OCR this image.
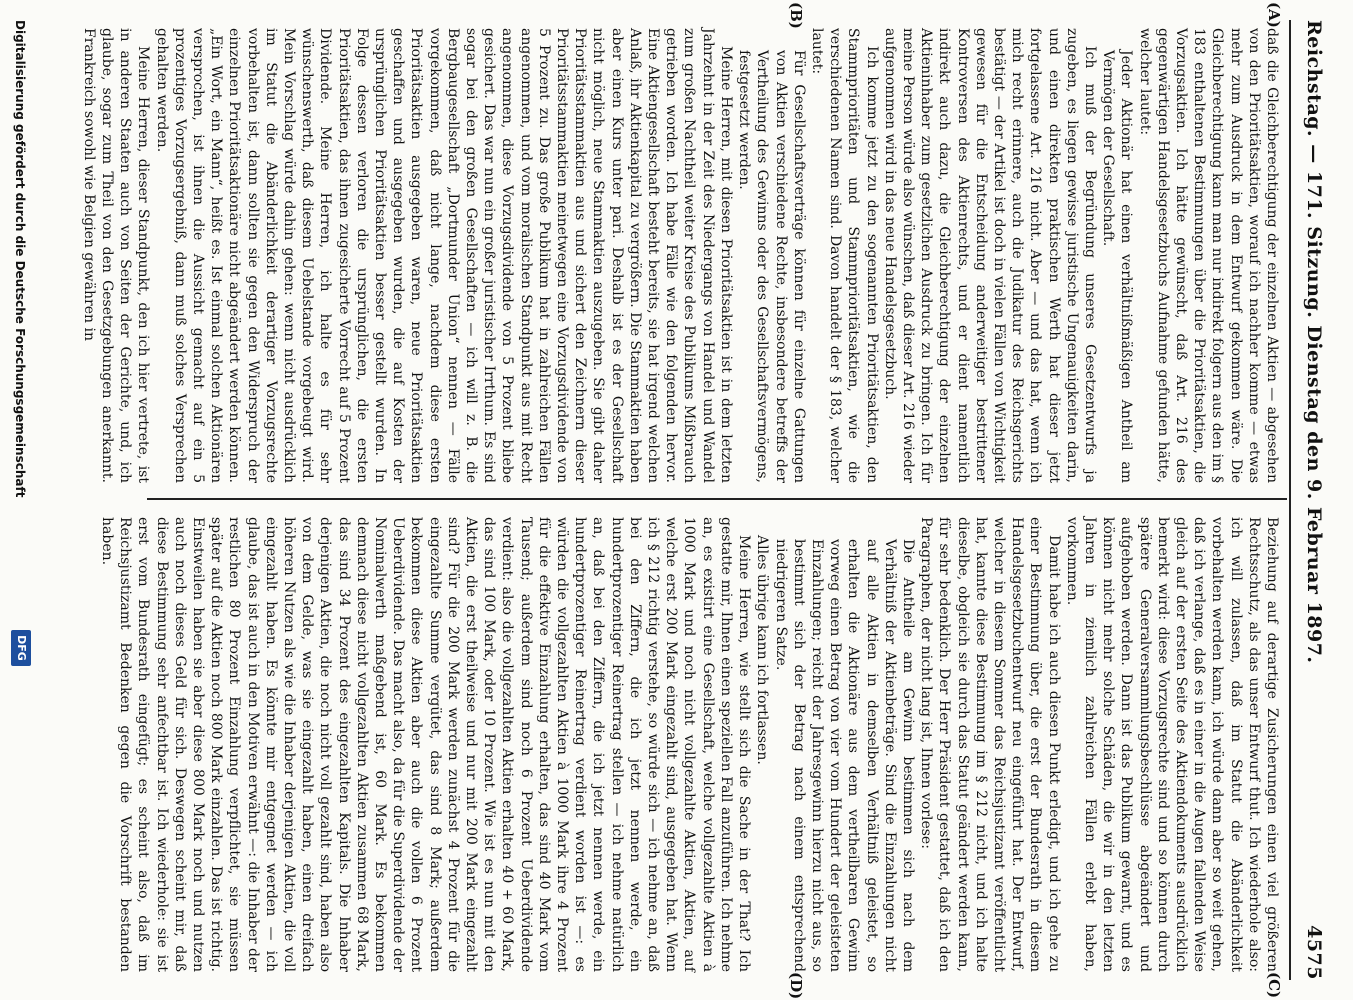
Reichstag. — 171. Sitzung. Dienstag den 9. Februar 1897.
4575
(A)
(B)
(C)
(D)

daß die Gleichberechtigung der einzelnen Aktien — abgesehen von den Prioritätsaktien, worauf ich nachher komme — etwas mehr zum Ausdruck in dem Entwurf gekommen wäre. Die Gleichberechtigung kann man nur indirekt folgern aus den im § 183 enthaltenen Bestimmungen über die Prioritätsaktien, die Vorzugsaktien. Ich hätte gewünscht, daß Art. 216 des gegenwärtigen Handelsgesetzbuchs Aufnahme gefunden hätte, welcher lautet:

Jeder Aktionär hat einen verhältnißmäßigen Antheil am Vermögen der Gesellschaft.

Ich muß der Begründung unseres Gesetzentwurfs ja zugeben, es liegen gewisse juristische Ungenauigkeiten darin, und einen direkten praktischen Werth hat dieser jetzt fortgelassene Art. 216 nicht. Aber — und das hat, wenn ich mich recht erinnere, auch die Judikatur des Reichsgerichts bestätigt — der Artikel ist doch in vielen Fällen von Wichtigkeit gewesen für die Entscheidung anderweitiger bestrittener Kontroversen des Aktienrechts, und er dient namentlich indirekt auch dazu, die Gleichberechtigung der einzelnen Aktieninhaber zum gesetzlichen Ausdruck zu bringen. Ich für meine Person würde also wünschen, daß dieser Art. 216 wieder aufgenommen wird in das neue Handelsgesetzbuch.

Ich komme jetzt zu den sogenannten Prioritätsaktien, den Stammprioritäten und Stammprioritätsaktien, wie die verschiedenen Namen sind. Davon handelt der § 183, welcher lautet:

Für Gesellschaftsverträge können für einzelne Gattungen von Aktien verschiedene Rechte, insbesondere betreffs der Vertheilung des Gewinns oder des Gesellschaftsvermögens, festgesetzt werden.

Meine Herren, mit diesen Prioritätsaktien ist in dem letzten Jahrzehnt in der Zeit des Niedergangs von Handel und Wandel zum großen Nachtheil weiter Kreise des Publikums Mißbrauch getrieben worden. Ich habe Fälle wie den folgenden hervor. Eine Aktiengesellschaft besteht bereits, sie hat irgend welchen Anlaß, ihr Aktienkapital zu vergrößern. Die Stammaktien haben aber einen Kurs unter pari. Deshalb ist es der Gesellschaft nicht möglich, neue Stammaktien auszugeben. Sie gibt daher Prioritätsstammaktien aus und sichert den Zeichnern dieser Prioritätsstammaktien meinetwegen eine Vorzugsdividende von 5 Prozent zu. Das große Publikum hat in zahlreichen Fällen angenommen, und vom moralischen Standpunkt aus mit Recht angenommen, diese Vorzugsdividende von 5 Prozent bliebe gesichert. Das war nun ein großer juristischer Irrthum. Es sind sogar bei den großen Gesellschaften — ich will z. B. die Bergbaugesellschaft „Dortmunder Union“ nennen — Fälle vorgekommen, daß nicht lange, nachdem diese ersten Prioritätsaktien ausgegeben waren, neue Prioritätsaktien geschaffen und ausgegeben wurden, die auf Kosten der ursprünglichen Prioritätsaktien besser gestellt wurden. In Folge dessen verloren die ursprünglichen, die ersten Prioritätsaktien, das ihnen zugesicherte Vorrecht auf 5 Prozent Dividende. Meine Herren, ich halte es für sehr wünschenswerth, daß diesem Uebelstande vorgebeugt wird. Mein Vorschlag würde dahin gehen: wenn nicht ausdrücklich im Statut die Abänderlichkeit derartiger Vorzugsrechte vorbehalten ist, dann sollten sie gegen den Widerspruch der einzelnen Prioritätsaktionäre nicht abgeändert werden können. „Ein Wort, ein Mann“, heißt es. Ist einmal solchen Aktionären versprochen, ist ihnen die Aussicht gemacht auf ein 5 prozentiges Vorzugsergebniß, dann muß solches Versprechen gehalten werden.

Meine Herren, dieser Standpunkt, den ich hier vertrete, ist in anderen Staaten auch von Seiten der Gerichte, und, ich glaube, sogar zum Theil von den Gesetzgebungen anerkannt. Frankreich sowohl wie Belgien gewähren in

Beziehung auf derartige Zusicherungen einen viel größeren Rechtsschutz, als das unser Entwurf thut. Ich wiederhole also: ich will zulassen, daß im Statut die Abänderlichkeit vorbehalten werden kann, ich würde dann aber so weit gehen, daß ich verlange, daß es in einer in die Augen fallenden Weise gleich auf der ersten Seite des Aktiendokuments ausdrücklich bemerkt wird: diese Vorzugsrechte sind und so können durch spätere Generalversammlungsbeschlüsse abgeändert und aufgehoben werden. Dann ist das Publikum gewarnt, und es können nicht mehr solche Schäden, die wir in den letzten Jahren in ziemlich zahlreichen Fällen erlebt haben, vorkommen.

Damit habe ich auch diesen Punkt erledigt, und ich gehe zu einer Bestimmung über, die erst der Bundesrath in diesem Handelsgesetzbuchentwurf neu eingeführt hat. Der Entwurf, welcher in diesem Sommer das Reichsjustizamt veröffentlicht hat, kannte diese Bestimmung im § 212 nicht, und ich halte dieselbe, obgleich sie durch das Statut geändert werden kann, für sehr bedenklich. Der Herr Präsident gestattet, daß ich den Paragraphen, der nicht lang ist, Ihnen vorlese:

Die Antheile am Gewinn bestimmen sich nach dem Verhältniß der Aktienbeträge. Sind die Einzahlungen nicht auf alle Aktien in demselben Verhältniß geleistet, so erhalten die Aktionäre aus dem vertheilbaren Gewinn vorweg einen Betrag von vier vom Hundert der geleisteten Einzahlungen; reicht der Jahresgewinn hierzu nicht aus, so bestimmt sich der Betrag nach einem entsprechend niedrigeren Satze.

Alles übrige kann ich fortlassen.

Meine Herren, wie stellt sich die Sache in der That? Ich gestatte mir, Ihnen einen speziellen Fall anzuführen. Ich nehme an, es existirt eine Gesellschaft, welche vollgezahlte Aktien à 1000 Mark und noch nicht vollgezahlte Aktien, Aktien, auf welche erst 200 Mark eingezahlt sind, ausgegeben hat. Wenn ich § 212 richtig verstehe, so würde sich — ich nehme an, daß bei den Ziffern, die ich jetzt nennen werde, ein hundertprozentiger Reinertrag stellen — ich nehme natürlich an, daß bei den Ziffern, die ich jetzt nennen werde, ein hundertprozentiger Reinertrag verdient worden ist —: es würden die vollgezahlten Aktien à 1000 Mark ihre 4 Prozent für die effektive Einzahlung erhalten, das sind 40 Mark vom Tausend; außerdem sind noch 6 Prozent Ueberdividende verdient: also die vollgezahlten Aktien erhalten 40 + 60 Mark, das sind 100 Mark, oder 10 Prozent. Wie ist es nun mit den Aktien, die erst theilweise und nur mit 200 Mark eingezahlt sind? Für die 200 Mark werden zunächst 4 Prozent für die eingezahlte Summe vergütet, das sind 8 Mark; außerdem bekommen diese Aktien aber auch die vollen 6 Prozent Ueberdividende. Das macht also, da für die Superdividende der Nominalwerth maßgebend ist, 60 Mark. Es bekommen demnach diese nicht vollgezahlten Aktien zusammen 68 Mark, das sind 34 Prozent des eingezahlten Kapitals. Die Inhaber derjenigen Aktien, die noch nicht voll gezahlt sind, haben also von dem Gelde, was sie eingezahlt haben, einen dreifach höheren Nutzen als wie die Inhaber derjenigen Aktien, die voll eingezahlt haben. Es könnte mir entgegnet werden — ich glaube, das ist auch in den Motiven erwähnt —: die Inhaber der restlichen 80 Prozent Einzahlung verpflichtet, sie müssen später auf die Aktien noch 800 Mark einzahlen. Das ist richtig. Einstweilen haben sie aber diese 800 Mark noch und nutzen auch noch dieses Geld für sich. Deswegen scheint mir, daß diese Bestimmung sehr anfechtbar ist. Ich wiederhole: sie ist erst vom Bundesrath eingefügt; es scheint also, daß im Reichsjustizamt Bedenken gegen die Vorschrift bestanden haben.

Digitalisierung gefördert durch die Deutsche Forschungsgemeinschaft
DFG
